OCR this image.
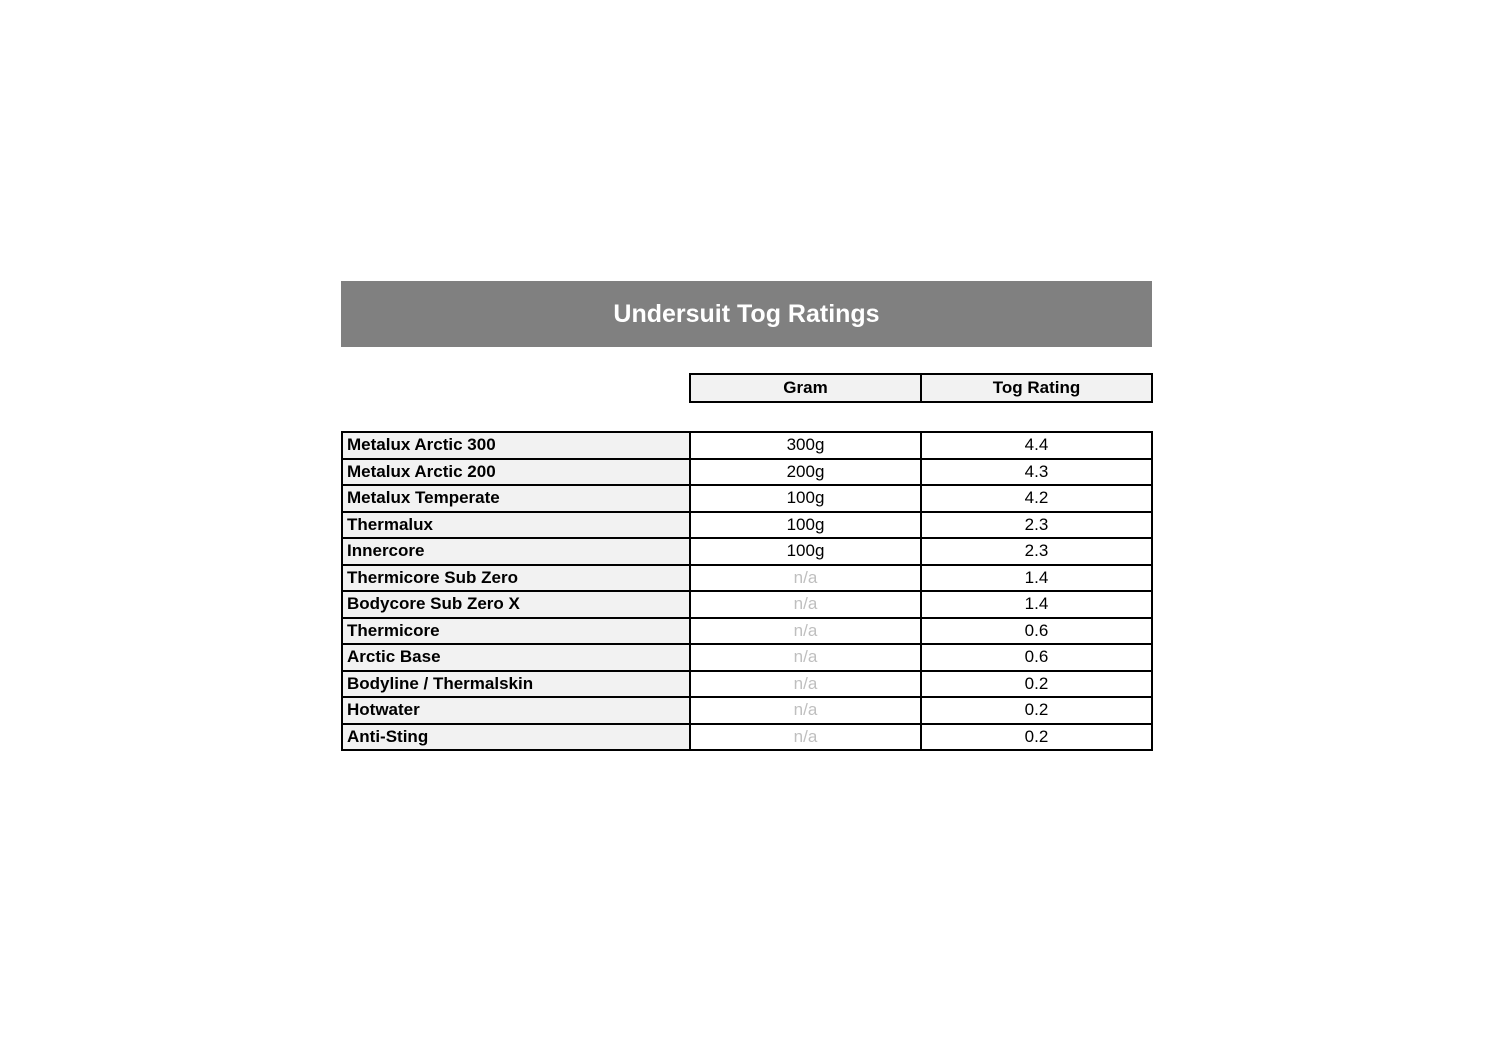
Undersuit Tog Ratings
Gram	Tog Rating
Metalux Arctic 300	300g	4.4
Metalux Arctic 200	200g	4.3
Metalux Temperate	100g	4.2
Thermalux	100g	2.3
Innercore	100g	2.3
Thermicore Sub Zero	n/a	1.4
Bodycore Sub Zero X	n/a	1.4
Thermicore	n/a	0.6
Arctic Base	n/a	0.6
Bodyline / Thermalskin	n/a	0.2
Hotwater	n/a	0.2
Anti-Sting	n/a	0.2
